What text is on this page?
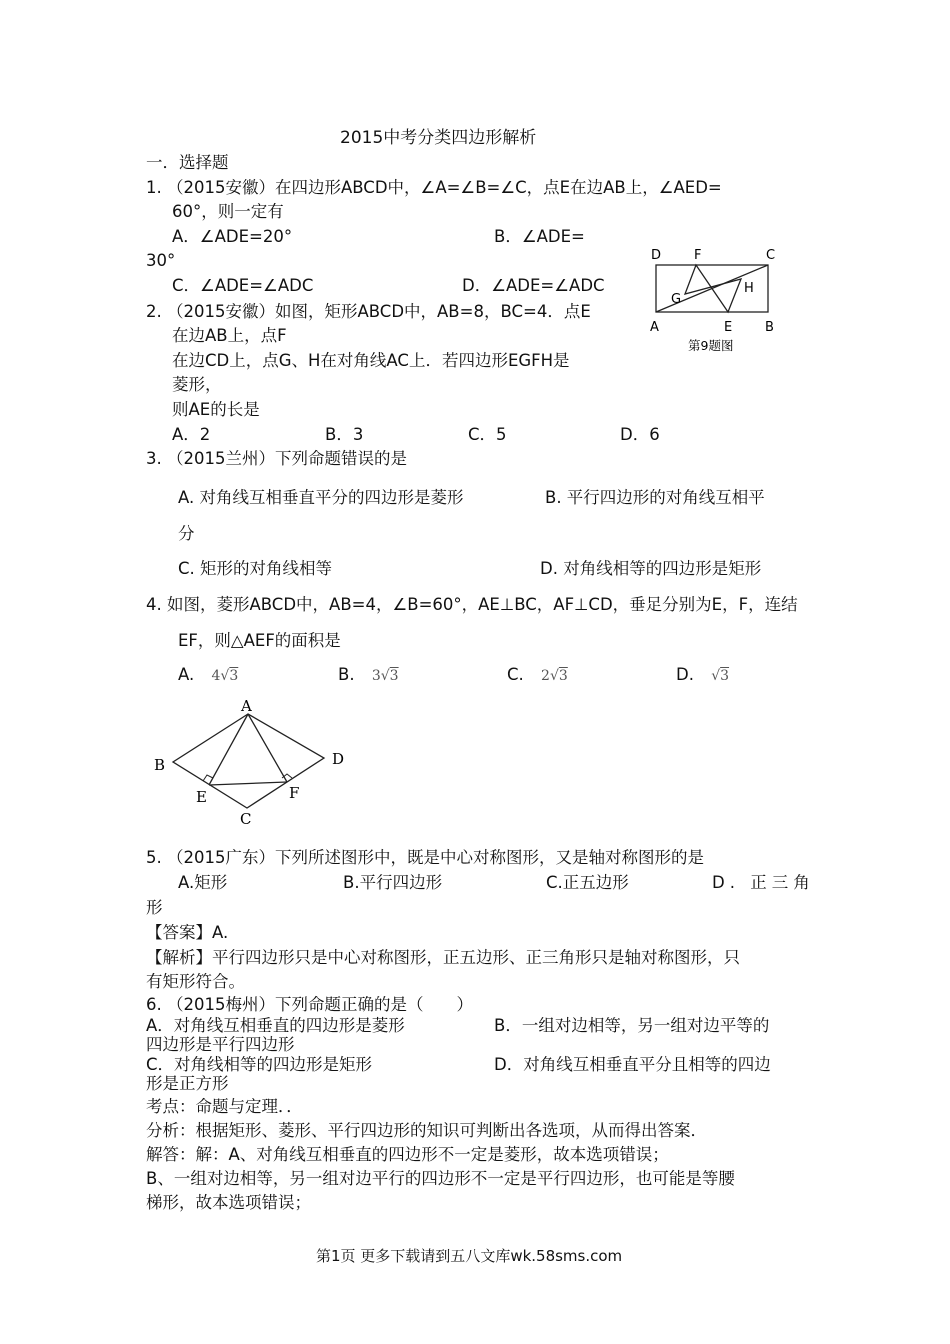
2015中考分类四边形解析
一．选择题
1. （2015安徽）在四边形ABCD中，∠A=∠B=∠C，点E在边AB上，∠AED=
60°，则一定有
A．∠ADE=20°	B．∠ADE=
30°
C．∠ADE=∠ADC	D．∠ADE=∠ADC
D	F	C
G
H
A	E	B
第9题图
2. （2015安徽）如图，矩形ABCD中，AB=8，BC=4．点E
在边AB上，点F
在边CD上，点G、H在对角线AC上．若四边形EGFH是
菱形，
则AE的长是
A．2	B．3	C．5	D．6
3. （2015兰州）下列命题错误的是
A. 对角线互相垂直平分的四边形是菱形	B. 平行四边形的对角线互相平
分
C. 矩形的对角线相等	D. 对角线相等的四边形是矩形
4. 如图，菱形ABCD中，AB=4，∠B=60°，AE⊥BC，AF⊥CD，垂足分别为E，F，连结
EF，则△AEF的面积是
A. 4√3	B. 3√3	C. 2√3	D. √3
A
B	D
E	F
C
5. （2015广东）下列所述图形中，既是中心对称图形，又是轴对称图形的是
A.矩形	B.平行四边形	C.正五边形	D. 正三角
形
【答案】A.
【解析】平行四边形只是中心对称图形，正五边形、正三角形只是轴对称图形，只
有矩形符合。
6. （2015梅州）下列命题正确的是（　　）
A．对角线互相垂直的四边形是菱形	B．一组对边相等，另一组对边平等的
四边形是平行四边形
C．对角线相等的四边形是矩形	D．对角线互相垂直平分且相等的四边
形是正方形
考点：命题与定理．．
分析：根据矩形、菱形、平行四边形的知识可判断出各选项，从而得出答案．
解答：解：A、对角线互相垂直的四边形不一定是菱形，故本选项错误；
B、一组对边相等，另一组对边平行的四边形不一定是平行四边形，也可能是等腰
梯形，故本选项错误；
第1页 更多下载请到五八文库wk.58sms.com
